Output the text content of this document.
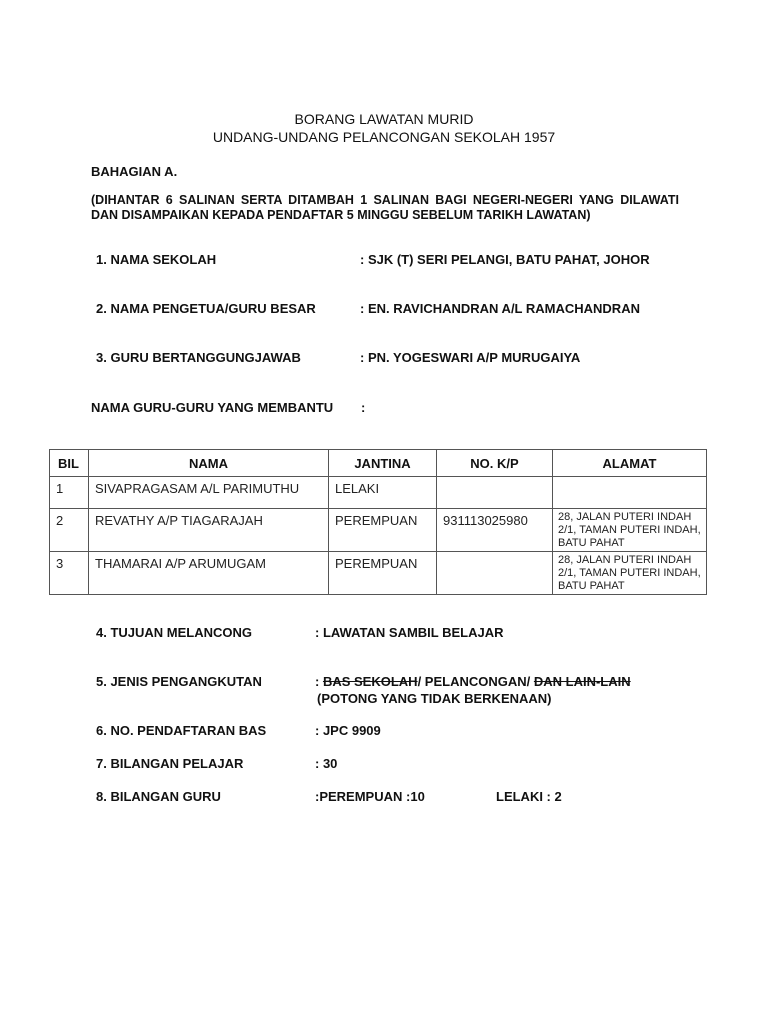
BORANG LAWATAN MURID
UNDANG-UNDANG PELANCONGAN SEKOLAH 1957
BAHAGIAN A.
(DIHANTAR 6 SALINAN SERTA DITAMBAH 1 SALINAN BAGI NEGERI-NEGERI YANG DILAWATI DAN DISAMPAIKAN KEPADA PENDAFTAR 5 MINGGU SEBELUM TARIKH LAWATAN)
1. NAMA SEKOLAH	: SJK (T) SERI PELANGI, BATU PAHAT, JOHOR
2. NAMA PENGETUA/GURU BESAR	: EN. RAVICHANDRAN A/L RAMACHANDRAN
3. GURU BERTANGGUNGJAWAB	: PN. YOGESWARI A/P MURUGAIYA
NAMA GURU-GURU YANG MEMBANTU :
BIL	NAMA	JANTINA	NO. K/P	ALAMAT
1	SIVAPRAGASAM A/L PARIMUTHU	LELAKI		
2	REVATHY A/P TIAGARAJAH	PEREMPUAN	931113025980	28, JALAN PUTERI INDAH 2/1, TAMAN PUTERI INDAH, BATU PAHAT
3	THAMARAI A/P ARUMUGAM	PEREMPUAN		28, JALAN PUTERI INDAH 2/1, TAMAN PUTERI INDAH, BATU PAHAT
4. TUJUAN MELANCONG	: LAWATAN SAMBIL BELAJAR
5. JENIS PENGANGKUTAN	: BAS SEKOLAH/ PELANCONGAN/ DAN LAIN-LAIN
(POTONG YANG TIDAK BERKENAAN)
6. NO. PENDAFTARAN BAS	: JPC 9909
7. BILANGAN PELAJAR	: 30
8. BILANGAN GURU	:PEREMPUAN :10	LELAKI : 2
